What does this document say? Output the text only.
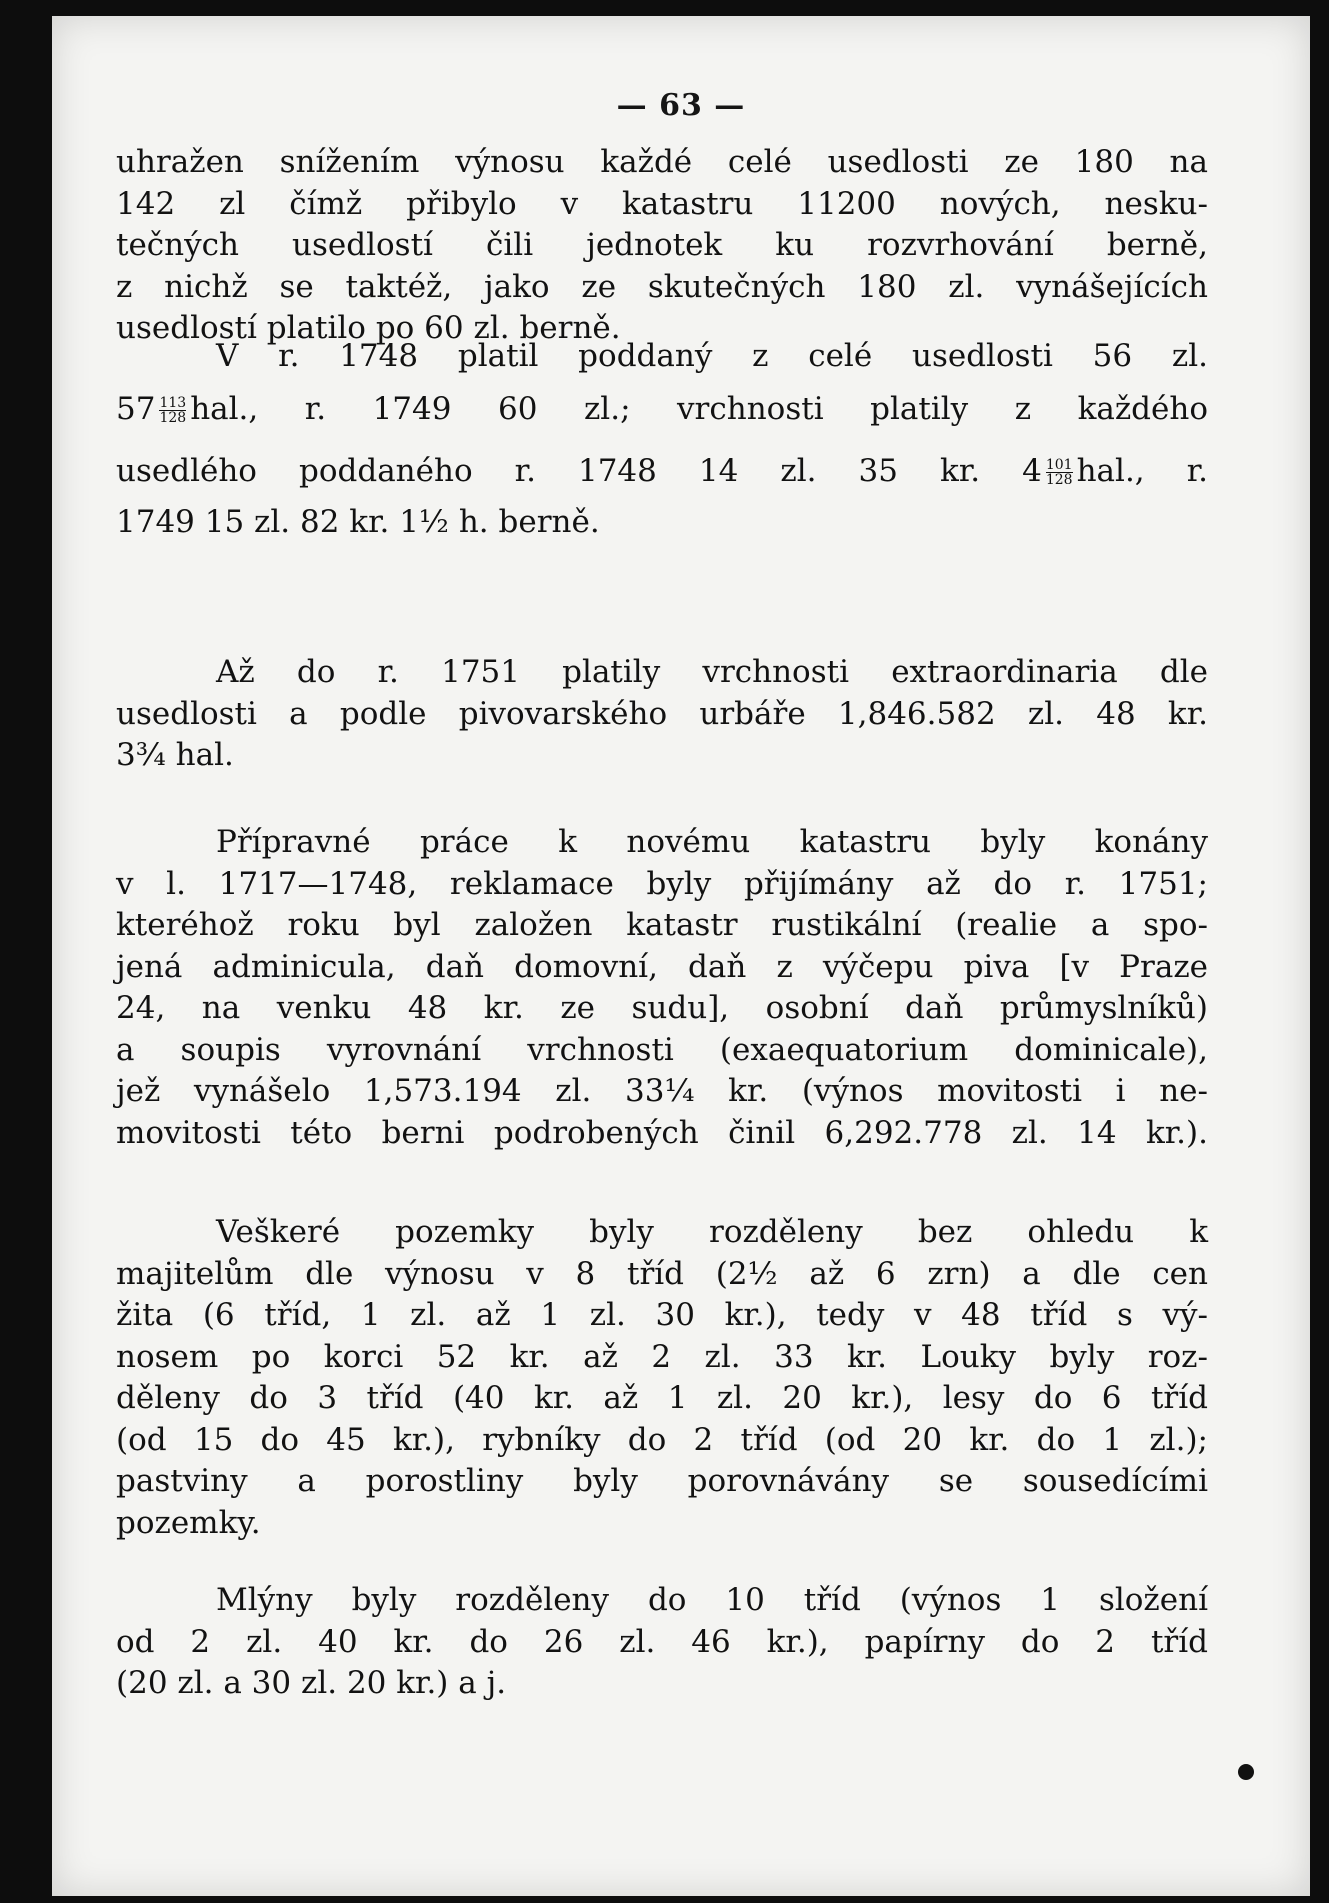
— 63 —
uhražen snížením výnosu každé celé usedlosti ze 180 na
142 zl čímž přibylo v katastru 11200 nových, nesku-
tečných usedlostí čili jednotek ku rozvrhování berně,
z nichž se taktéž, jako ze skutečných 180 zl. vynášejících
usedlostí platilo po 60 zl. berně.
V r. 1748 platil poddaný z celé usedlosti 56 zl.
$57 \frac{113}{128}$ hal., r. 1749 60 zl.; vrchnosti platily z každého
usedlého poddaného r. 1748 14 zl. 35 kr. $4 \frac{101}{128}$ hal., r.
1749 15 zl. 82 kr. 1½ h. berně.
Až do r. 1751 platily vrchnosti extraordinaria dle
usedlosti a podle pivovarského urbáře 1,846.582 zl. 48 kr.
3¾ hal.
Přípravné práce k novému katastru byly konány
v l. 1717—1748, reklamace byly přijímány až do r. 1751;
kteréhož roku byl založen katastr rustikální (realie a spo-
jená adminicula, daň domovní, daň z výčepu piva [v Praze
24, na venku 48 kr. ze sudu], osobní daň průmyslníků)
a soupis vyrovnání vrchnosti (exaequatorium dominicale),
jež vynášelo 1,573.194 zl. 33¼ kr. (výnos movitosti i ne-
movitosti této berni podrobených činil 6,292.778 zl. 14 kr.).
Veškeré pozemky byly rozděleny bez ohledu k
majitelům dle výnosu v 8 tříd (2½ až 6 zrn) a dle cen
žita (6 tříd, 1 zl. až 1 zl. 30 kr.), tedy v 48 tříd s vý-
nosem po korci 52 kr. až 2 zl. 33 kr. Louky byly roz-
děleny do 3 tříd (40 kr. až 1 zl. 20 kr.), lesy do 6 tříd
(od 15 do 45 kr.), rybníky do 2 tříd (od 20 kr. do 1 zl.);
pastviny a porostliny byly porovnávány se sousedícími
pozemky.
Mlýny byly rozděleny do 10 tříd (výnos 1 složení
od 2 zl. 40 kr. do 26 zl. 46 kr.), papírny do 2 tříd
(20 zl. a 30 zl. 20 kr.) a j.
